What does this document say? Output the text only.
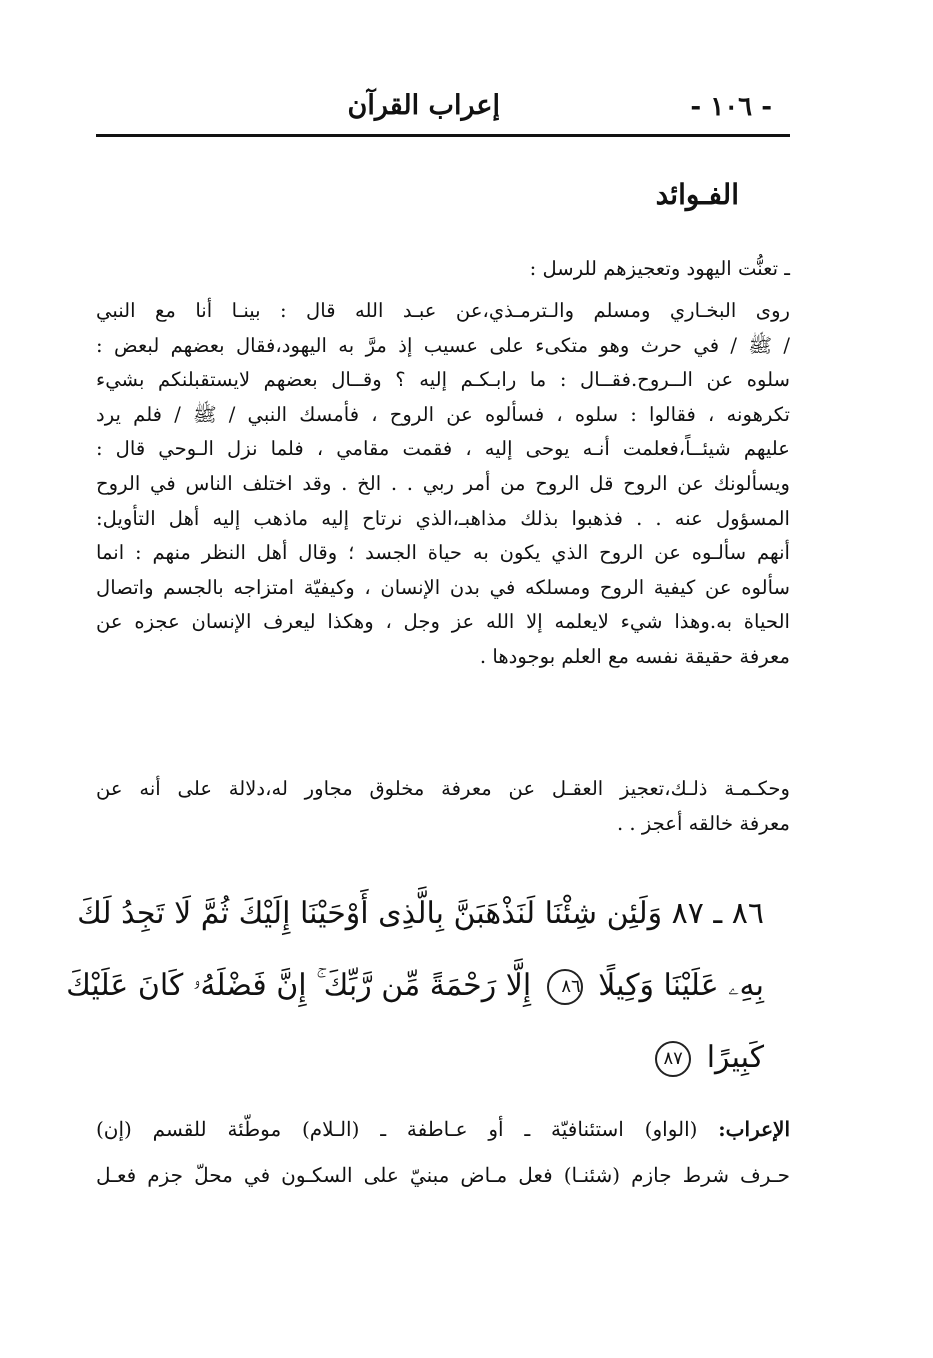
- ١٠٦ -
إعراب القرآن
الفـوائد
ـ تعنُّت اليهود وتعجيزهم للرسل :
روى البخـاري ومسلم والـترمـذي،عن عبـد الله قال : بينـا أنا مع النبي
/ ﷺ / في حرث وهو متكىء على عسيب إذ مرَّ به اليهود،فقال بعضهم لبعض :
سلوه عن الــروح.فقــال : ما رابـكـم إليه ؟ وقــال بعضهم لايستقبلنكم بشيء
تكرهونه ، فقالوا : سلوه ، فسألوه عن الروح ، فأمسك النبي / ﷺ / فلم يرد
عليهم شيئــاً،فعلمت أنـه يوحى إليه ، فقمت مقامي ، فلما نزل الـوحي قال :
ويسألونك عن الروح قل الروح من أمر ربي . . الخ . وقد اختلف الناس في الروح
المسؤول عنه . . فذهبوا بذلك مذاهبـ،الذي نرتاح إليه ماذهب إليه أهل التأويل:
أنهم سألـوه عن الروح الذي يكون به حياة الجسد ؛ وقال أهل النظر منهم : انما
سألوه عن كيفية الروح ومسلكه في بدن الإنسان ، وكيفيّة امتزاجه بالجسم واتصال
الحياة به.وهذا شيء لايعلمه إلا الله عز وجل ، وهكذا ليعرف الإنسان عجزه عن
معرفة حقيقة نفسه مع العلم بوجودها .
وحكـمـة ذلـك،تعجيز العقـل عن معرفة مخلوق مجاور له،دلالة على أنه عن
معرفة خالقه أعجز . .
٨٦ ـ ٨٧ وَلَئِن شِئْنَا لَنَذْهَبَنَّ بِالَّذِى أَوْحَيْنَا إِلَيْكَ ثُمَّ لَا تَجِدُ لَكَ
بِهِۦ عَلَيْنَا وَكِيلًا ٨٦ إِلَّا رَحْمَةً مِّن رَّبِّكَ ۚ إِنَّ فَضْلَهُۥ كَانَ عَلَيْكَ
كَبِيرًا ٨٧
الإعراب: (الواو) استئنافيّة ـ أو عـاطفة ـ (الـلام) موطّئة للقسم (إن)
حـرف شرط جازم (شئنـا) فعل مـاض مبنيّ على السكـون في محلّ جزم فعـل
